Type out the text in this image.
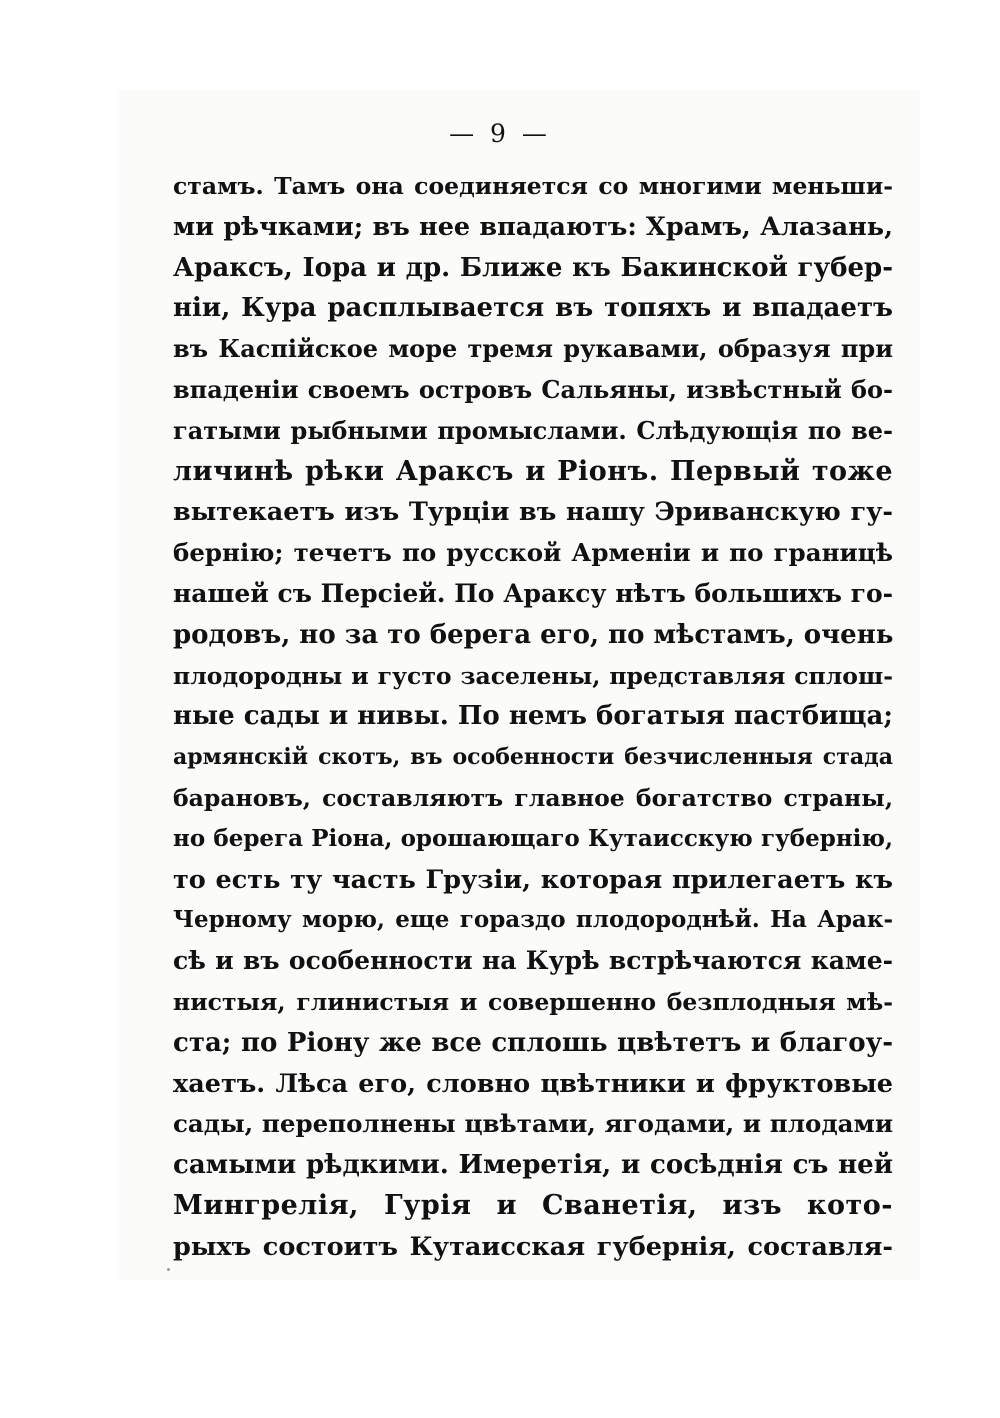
— 9 —
стамъ. Тамъ она соединяется со многими меньши-
ми рѣчками; въ нее впадаютъ: Храмъ, Алазань,
Араксъ, Іора и др. Ближе къ Бакинской губер-
ніи, Кура расплывается въ топяхъ и впадаетъ
въ Каспійское море тремя рукавами, образуя при
впаденіи своемъ островъ Сальяны, извѣстный бо-
гатыми рыбными промыслами. Слѣдующія по ве-
личинѣ рѣки Араксъ и Ріонъ. Первый тоже
вытекаетъ изъ Турціи въ нашу Эриванскую гу-
бернію; течетъ по русской Арменіи и по границѣ
нашей съ Персіей. По Араксу нѣтъ большихъ го-
родовъ, но за то берега его, по мѣстамъ, очень
плодородны и густо заселены, представляя сплош-
ные сады и нивы. По немъ богатыя пастбища;
армянскій скотъ, въ особенности безчисленныя стада
барановъ, составляютъ главное богатство страны,
но берега Ріона, орошающаго Кутаисскую губернію,
то есть ту часть Грузіи, которая прилегаетъ къ
Черному морю, еще гораздо плодороднѣй. На Арак-
сѣ и въ особенности на Курѣ встрѣчаются каме-
нистыя, глинистыя и совершенно безплодныя мѣ-
ста; по Ріону же все сплошь цвѣтетъ и благоу-
хаетъ. Лѣса его, словно цвѣтники и фруктовые
сады, переполнены цвѣтами, ягодами, и плодами
самыми рѣдкими. Имеретія, и сосѣднія съ ней
Мингрелія, Гурія и Сванетія, изъ кото-
рыхъ состоитъ Кутаисская губернія, составля-
